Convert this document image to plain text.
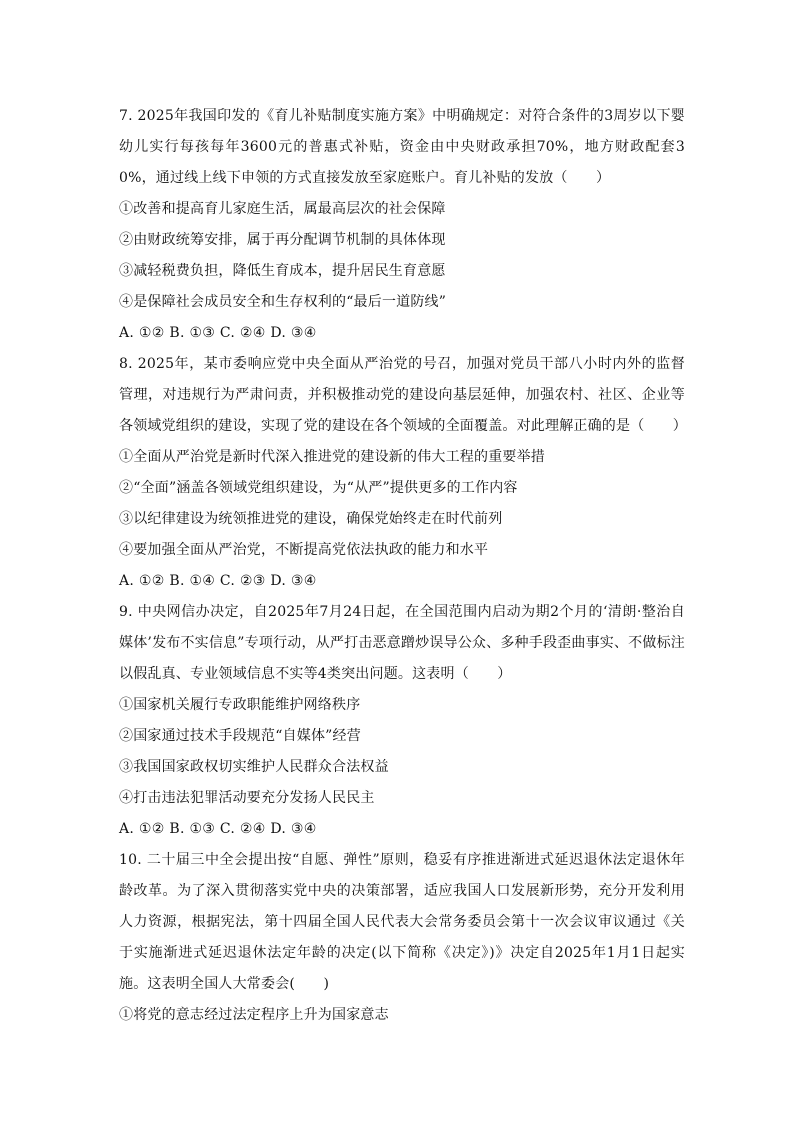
7. 2025年我国印发的《育儿补贴制度实施方案》中明确规定：对符合条件的3周岁以下婴幼儿实行每孩每年3600元的普惠式补贴，资金由中央财政承担70%，地方财政配套30%，通过线上线下申领的方式直接发放至家庭账户。育儿补贴的发放（　　）

①改善和提高育儿家庭生活，属最高层次的社会保障

②由财政统筹安排，属于再分配调节机制的具体体现

③减轻税费负担，降低生育成本，提升居民生育意愿

④是保障社会成员安全和生存权利的“最后一道防线”

A. ①② B. ①③ C. ②④ D. ③④

8. 2025年，某市委响应党中央全面从严治党的号召，加强对党员干部八小时内外的监督管理，对违规行为严肃问责，并积极推动党的建设向基层延伸，加强农村、社区、企业等各领域党组织的建设，实现了党的建设在各个领域的全面覆盖。对此理解正确的是（　　）

①全面从严治党是新时代深入推进党的建设新的伟大工程的重要举措

②“全面”涵盖各领域党组织建设，为“从严”提供更多的工作内容

③以纪律建设为统领推进党的建设，确保党始终走在时代前列

④要加强全面从严治党，不断提高党依法执政的能力和水平

A. ①② B. ①④ C. ②③ D. ③④

9. 中央网信办决定，自2025年7月24日起，在全国范围内启动为期2个月的‘清朗·整治自媒体’发布不实信息”专项行动，从严打击恶意蹭炒误导公众、多种手段歪曲事实、不做标注以假乱真、专业领域信息不实等4类突出问题。这表明（　　）

①国家机关履行专政职能维护网络秩序

②国家通过技术手段规范“自媒体”经营

③我国国家政权切实维护人民群众合法权益

④打击违法犯罪活动要充分发扬人民民主

A. ①② B. ①③ C. ②④ D. ③④

10. 二十届三中全会提出按“自愿、弹性”原则，稳妥有序推进渐进式延迟退休法定退休年龄改革。为了深入贯彻落实党中央的决策部署，适应我国人口发展新形势，充分开发利用人力资源，根据宪法，第十四届全国人民代表大会常务委员会第十一次会议审议通过《关于实施渐进式延迟退休法定年龄的决定(以下简称《决定》)》决定自2025年1月1日起实施。这表明全国人大常委会(　　)

①将党的意志经过法定程序上升为国家意志
